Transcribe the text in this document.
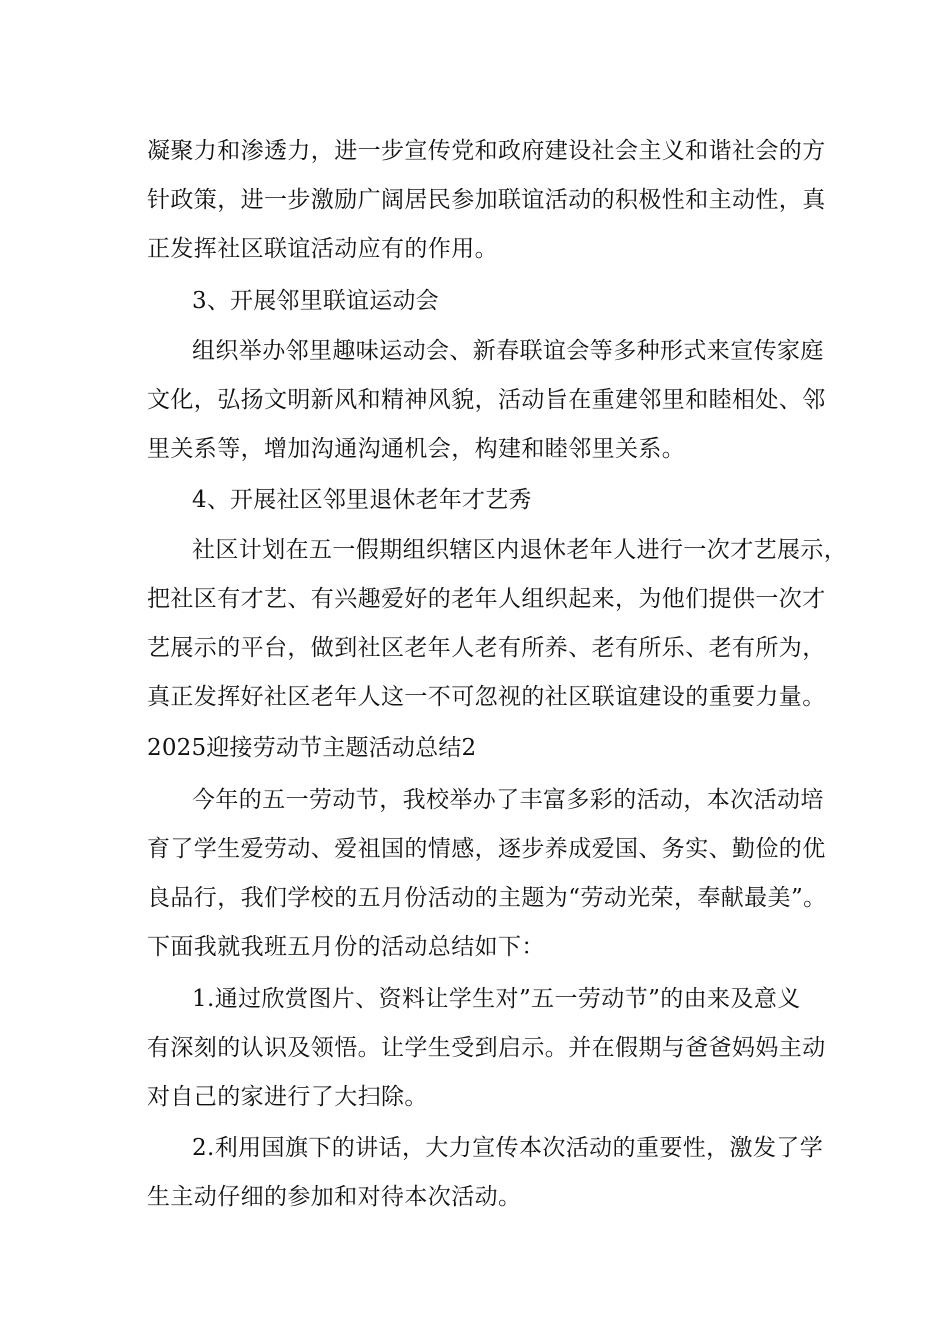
凝聚力和渗透力，进一步宣传党和政府建设社会主义和谐社会的方
针政策，进一步激励广阔居民参加联谊活动的积极性和主动性，真
正发挥社区联谊活动应有的作用。
3、开展邻里联谊运动会
组织举办邻里趣味运动会、新春联谊会等多种形式来宣传家庭
文化，弘扬文明新风和精神风貌，活动旨在重建邻里和睦相处、邻
里关系等，增加沟通沟通机会，构建和睦邻里关系。
4、开展社区邻里退休老年才艺秀
社区计划在五一假期组织辖区内退休老年人进行一次才艺展示，
把社区有才艺、有兴趣爱好的老年人组织起来，为他们提供一次才
艺展示的平台，做到社区老年人老有所养、老有所乐、老有所为，
真正发挥好社区老年人这一不可忽视的社区联谊建设的重要力量。
2025迎接劳动节主题活动总结2
今年的五一劳动节，我校举办了丰富多彩的活动，本次活动培
育了学生爱劳动、爱祖国的情感，逐步养成爱国、务实、勤俭的优
良品行，我们学校的五月份活动的主题为“劳动光荣，奉献最美”。
下面我就我班五月份的活动总结如下：
1.通过欣赏图片、资料让学生对”五一劳动节”的由来及意义
有深刻的认识及领悟。让学生受到启示。并在假期与爸爸妈妈主动
对自己的家进行了大扫除。
2.利用国旗下的讲话，大力宣传本次活动的重要性，激发了学
生主动仔细的参加和对待本次活动。
